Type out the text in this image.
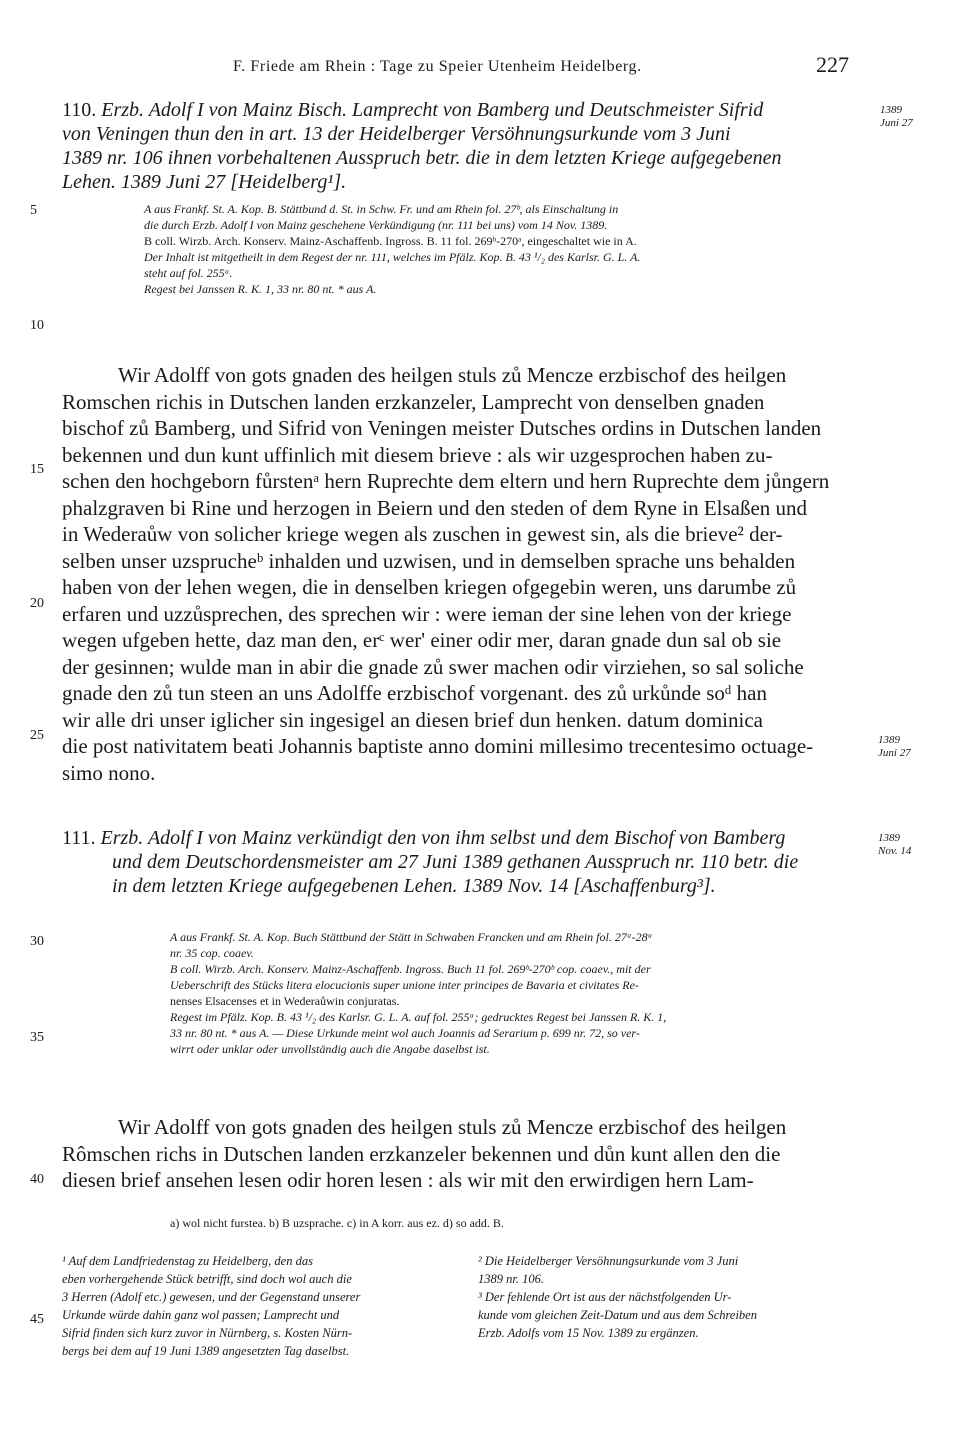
F. Friede am Rhein : Tage zu Speier Utenheim Heidelberg.	227
5
10
15
20
25
30
35
40
45
110. Erzb. Adolf I von Mainz Bisch. Lamprecht von Bamberg und Deutschmeister Sifrid
von Veningen thun den in art. 13 der Heidelberger Versöhnungsurkunde vom 3 Juni
1389 nr. 106 ihnen vorbehaltenen Ausspruch betr. die in dem letzten Kriege aufgegebenen
Lehen. 1389 Juni 27 [Heidelberg¹].
1389
Juni 27
A aus Frankf. St. A. Kop. B. Stättbund d. St. in Schw. Fr. und am Rhein fol. 27ᵇ, als Einschaltung in
die durch Erzb. Adolf I von Mainz geschehene Verkündigung (nr. 111 bei uns) vom 14 Nov. 1389.
B coll. Wirzb. Arch. Konserv. Mainz-Aschaffenb. Ingross. B. 11 fol. 269ᵇ-270ᵃ, eingeschaltet wie in A.
Der Inhalt ist mitgetheilt in dem Regest der nr. 111, welches im Pfälz. Kop. B. 43 ¹/₂ des Karlsr. G. L. A.
steht auf fol. 255ᵃ.
Regest bei Janssen R. K. 1, 33 nr. 80 nt. * aus A.
Wir Adolff von gots gnaden des heilgen stuls zů Mencze erzbischof des heilgen
Romschen richis in Dutschen landen erzkanzeler, Lamprecht von denselben gnaden
bischof zů Bamberg, und Sifrid von Veningen meister Dutsches ordins in Dutschen landen
bekennen und dun kunt uffinlich mit diesem brieve : als wir uzgesprochen haben zu-
schen den hochgeborn fůrstenᵃ hern Ruprechte dem eltern und hern Ruprechte dem jůngern
phalzgraven bi Rine und herzogen in Beiern und den steden of dem Ryne in Elsaßen und
in Wederaůw von solicher kriege wegen als zuschen in gewest sin, als die brieve² der-
selben unser uzsprucheᵇ inhalden und uzwisen, und in demselben sprache uns behalden
haben von der lehen wegen, die in denselben kriegen ofgegebin weren, uns darumbe zů
erfaren und uzzůsprechen, des sprechen wir : were ieman der sine lehen von der kriege
wegen ufgeben hette, daz man den, erᶜ wer' einer odir mer, daran gnade dun sal ob sie
der gesinnen; wulde man in abir die gnade zů swer machen odir virziehen, so sal soliche
gnade den zů tun steen an uns Adolffe erzbischof vorgenant. des zů urkůnde soᵈ han
wir alle dri unser iglicher sin ingesigel an diesen brief dun henken. datum dominica
die post nativitatem beati Johannis baptiste anno domini millesimo trecentesimo octuage-
simo nono.
1389
Juni 27
111. Erzb. Adolf I von Mainz verkündigt den von ihm selbst und dem Bischof von Bamberg
und dem Deutschordensmeister am 27 Juni 1389 gethanen Ausspruch nr. 110 betr. die
in dem letzten Kriege aufgegebenen Lehen. 1389 Nov. 14 [Aschaffenburg³].
1389
Nov. 14
A aus Frankf. St. A. Kop. Buch Stättbund der Stätt in Schwaben Francken und am Rhein fol. 27ᵃ-28ᵃ
nr. 35 cop. coaev.
B coll. Wirzb. Arch. Konserv. Mainz-Aschaffenb. Ingross. Buch 11 fol. 269ᵇ-270ᵇ cop. coaev., mit der
Ueberschrift des Stücks litera elocucionis super unione inter principes de Bavaria et civitates Re-
nenses Elsacenses et in Wederaůwin conjuratas.
Regest im Pfälz. Kop. B. 43 ¹/₂ des Karlsr. G. L. A. auf fol. 255ᵃ; gedrucktes Regest bei Janssen R. K. 1,
33 nr. 80 nt. * aus A. — Diese Urkunde meint wol auch Joannis ad Serarium p. 699 nr. 72, so ver-
wirrt oder unklar oder unvollständig auch die Angabe daselbst ist.
Wir Adolff von gots gnaden des heilgen stuls zů Mencze erzbischof des heilgen
Rômschen richs in Dutschen landen erzkanzeler bekennen und důn kunt allen den die
diesen brief ansehen lesen odir horen lesen : als wir mit den erwirdigen hern Lam-
a) wol nicht furstea. b) B uzsprache. c) in A korr. aus ez. d) so add. B.
¹ Auf dem Landfriedenstag zu Heidelberg, den das
eben vorhergehende Stück betrifft, sind doch wol auch die
3 Herren (Adolf etc.) gewesen, und der Gegenstand unserer
Urkunde würde dahin ganz wol passen; Lamprecht und
Sifrid finden sich kurz zuvor in Nürnberg, s. Kosten Nürn-
bergs bei dem auf 19 Juni 1389 angesetzten Tag daselbst.
² Die Heidelberger Versöhnungsurkunde vom 3 Juni
1389 nr. 106.
³ Der fehlende Ort ist aus der nächstfolgenden Ur-
kunde vom gleichen Zeit-Datum und aus dem Schreiben
Erzb. Adolfs vom 15 Nov. 1389 zu ergänzen.
